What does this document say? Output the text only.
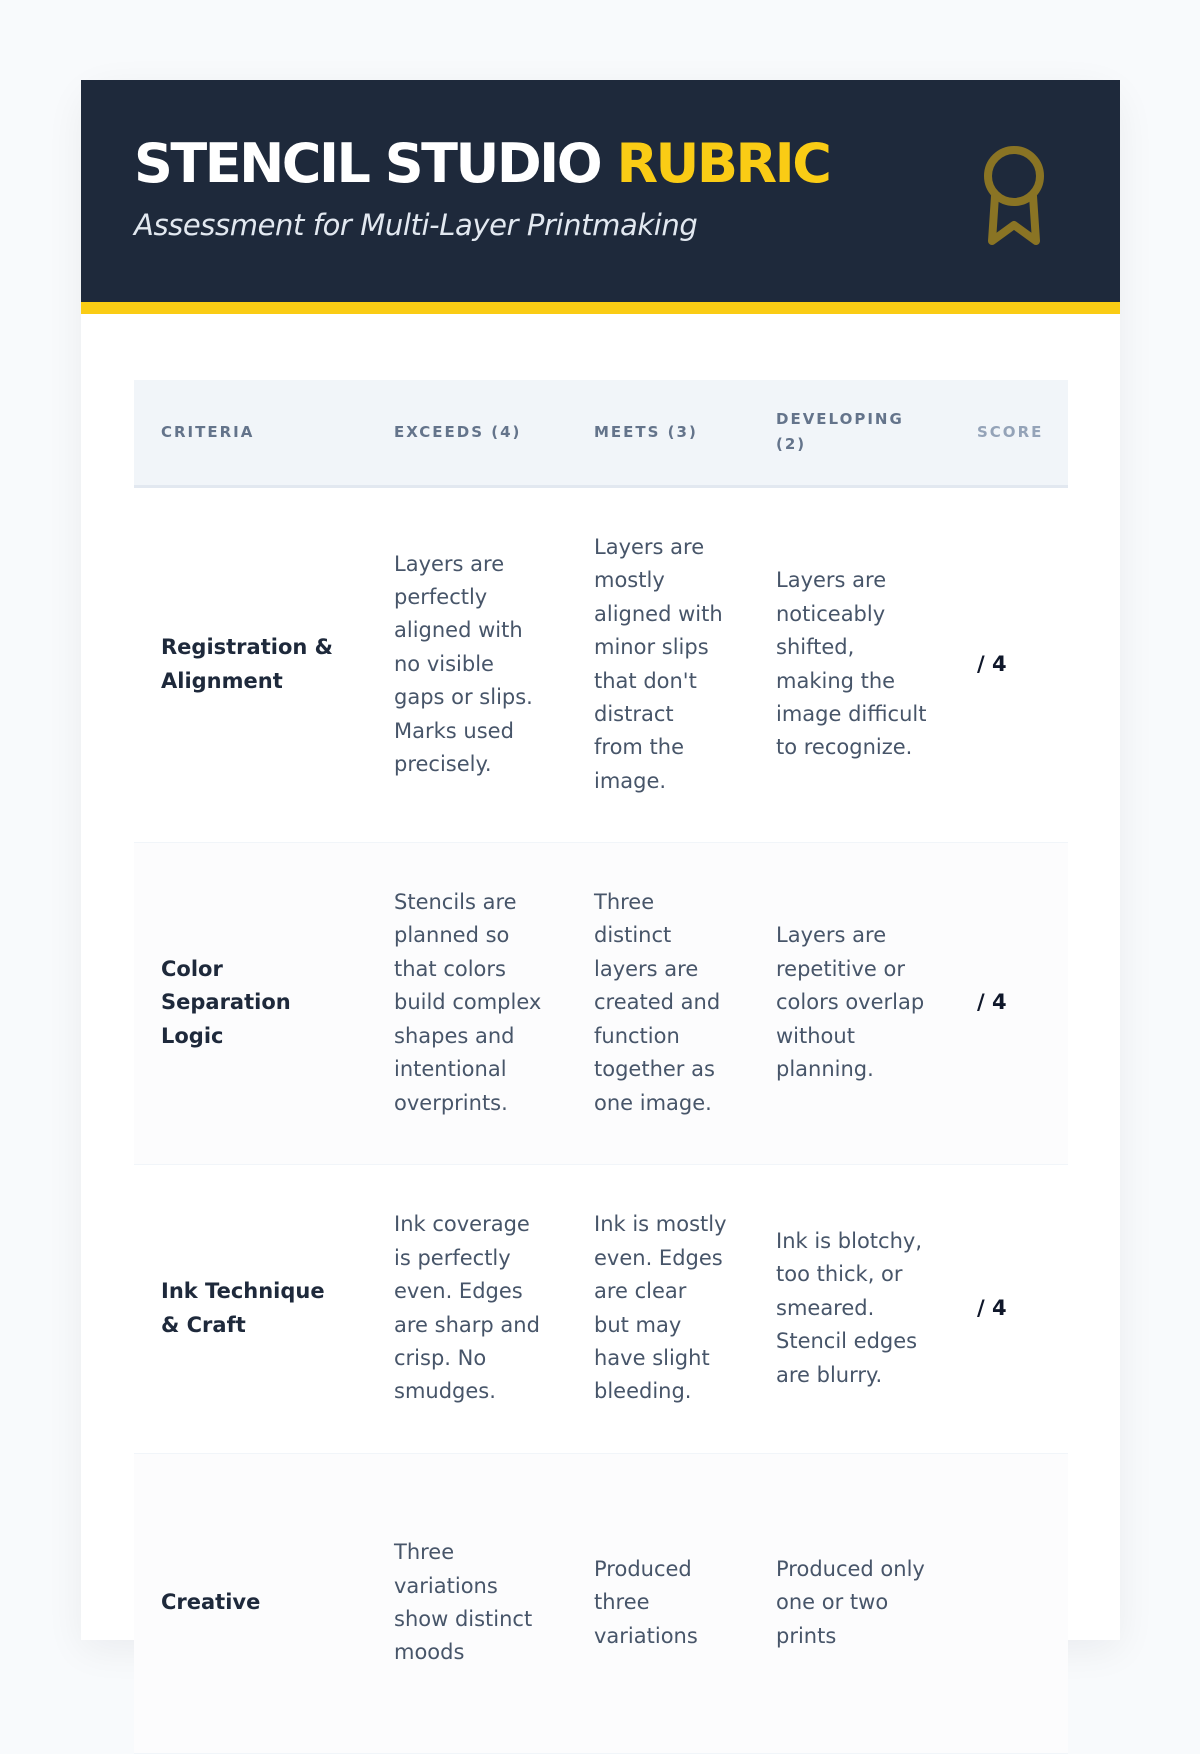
STENCIL STUDIO RUBRIC
Assessment for Multi-Layer Printmaking
CRITERIA	EXCEEDS (4)	MEETS (3)	DEVELOPING (2)	SCORE
Registration & Alignment	Layers are perfectly aligned with no visible gaps or slips. Marks used precisely.	Layers are mostly aligned with minor slips that don't distract from the image.	Layers are noticeably shifted, making the image difficult to recognize.	/ 4
Color Separation Logic	Stencils are planned so that colors build complex shapes and intentional overprints.	Three distinct layers are created and function together as one image.	Layers are repetitive or colors overlap without planning.	/ 4
Ink Technique & Craft	Ink coverage is perfectly even. Edges are sharp and crisp. No smudges.	Ink is mostly even. Edges are clear but may have slight bleeding.	Ink is blotchy, too thick, or smeared. Stencil edges are blurry.	/ 4
Creative	Three variations show distinct moods	Produced three variations	Produced only one or two prints	
